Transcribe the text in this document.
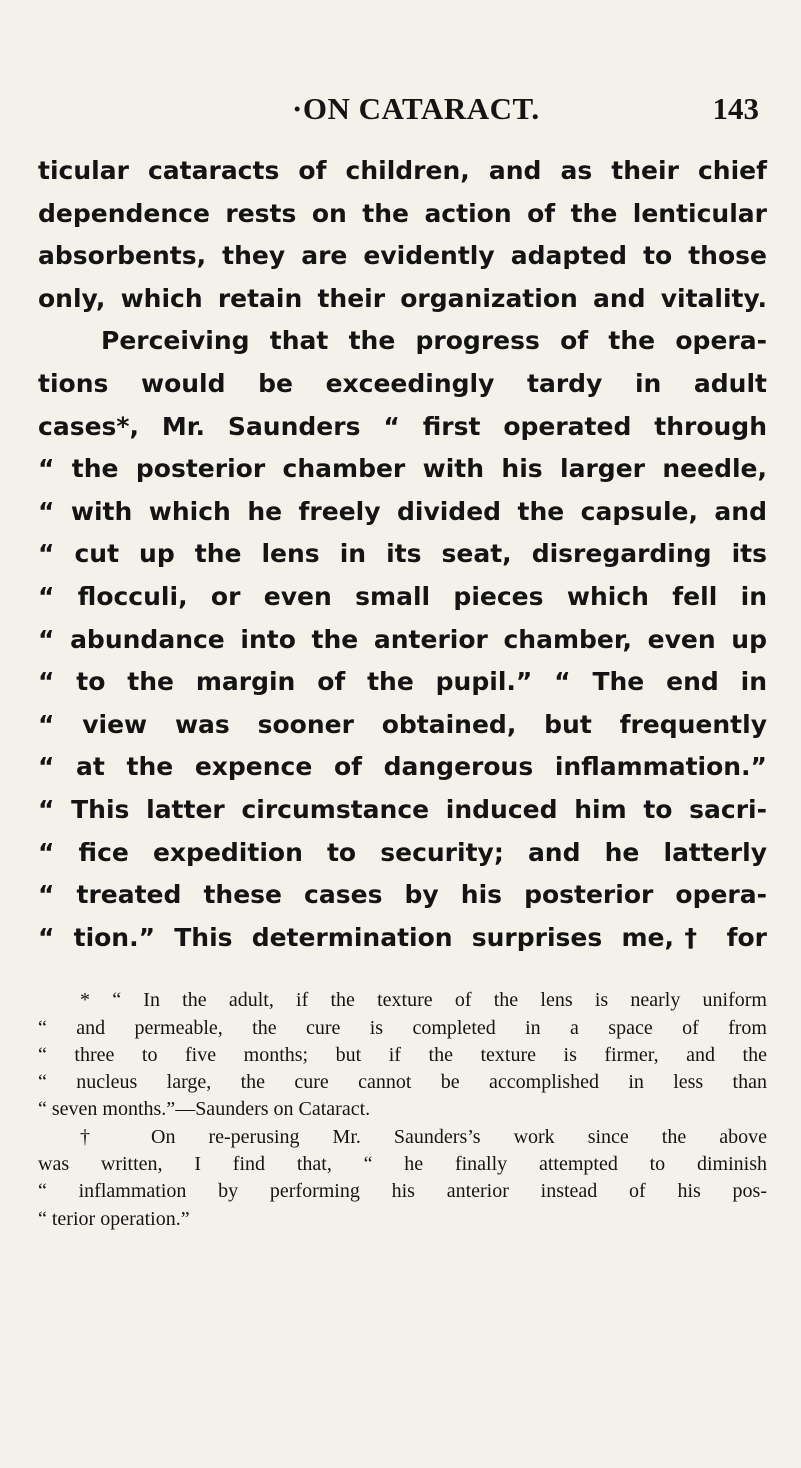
·ON CATARACT.	143
ticular cataracts of children, and as their chief
dependence rests on the action of the lenticular
absorbents, they are evidently adapted to those
only, which retain their organization and vitality.
Perceiving that the progress of the opera-
tions would be exceedingly tardy in adult
cases*, Mr. Saunders “ first operated through
“ the posterior chamber with his larger needle,
“ with which he freely divided the capsule, and
“ cut up the lens in its seat, disregarding its
“ flocculi, or even small pieces which fell in
“ abundance into the anterior chamber, even up
“ to the margin of the pupil.” “ The end in
“ view was sooner obtained, but frequently
“ at the expence of dangerous inflammation.”
“ This latter circumstance induced him to sacri-
“ fice expedition to security; and he latterly
“ treated these cases by his posterior opera-
“ tion.” This determination surprises me,† for
* “ In the adult, if the texture of the lens is nearly uniform
“ and permeable, the cure is completed in a space of from
“ three to five months; but if the texture is firmer, and the
“ nucleus large, the cure cannot be accomplished in less than
“ seven months.”—Saunders on Cataract.
† On re-perusing Mr. Saunders’s work since the above
was written, I find that, “ he finally attempted to diminish
“ inflammation by performing his anterior instead of his pos-
“ terior operation.”
